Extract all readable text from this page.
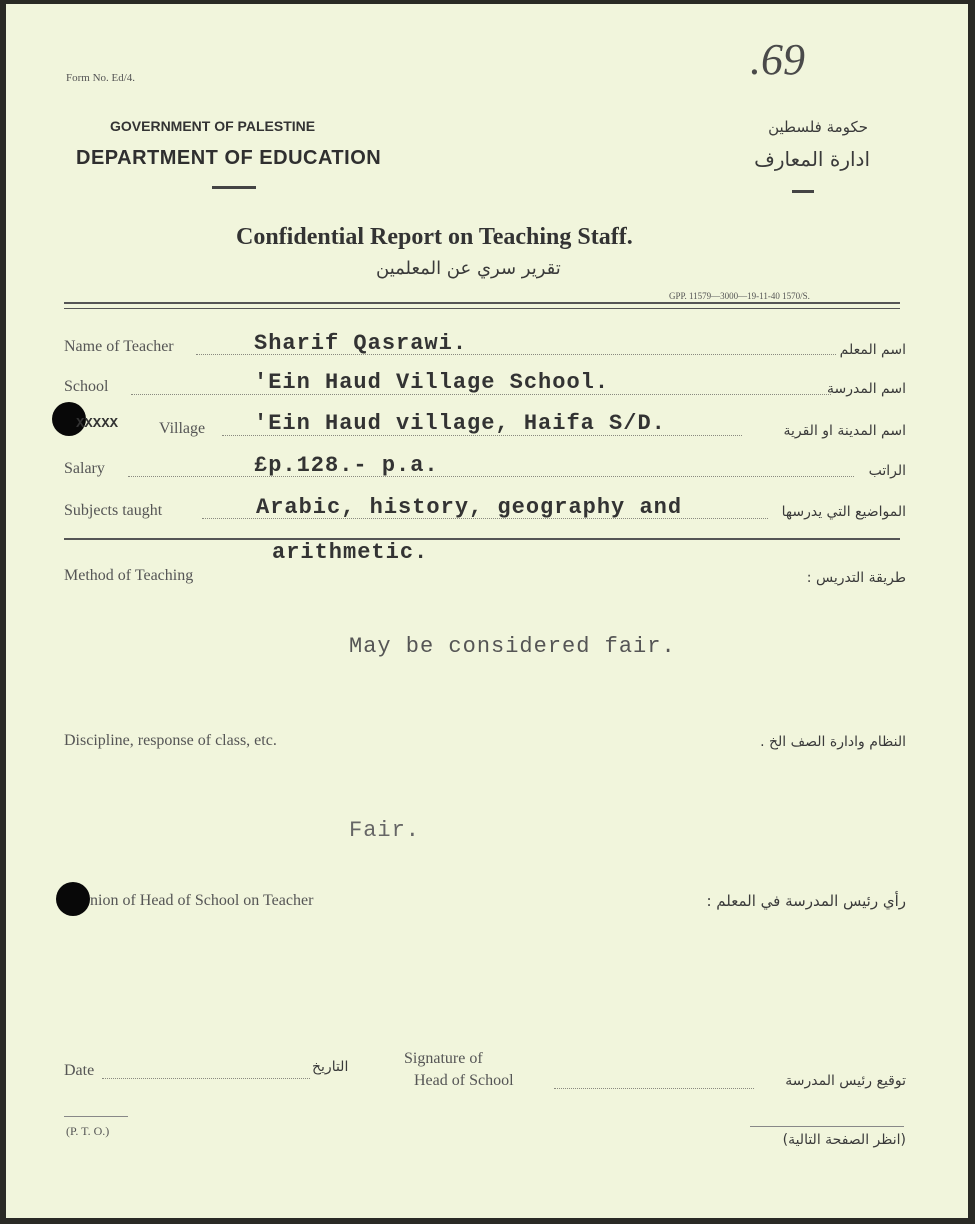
Form No. Ed/4.	.69
GOVERNMENT OF PALESTINE
DEPARTMENT OF EDUCATION
حكومة فلسطين
ادارة المعارف
Confidential Report on Teaching Staff.
تقرير سري عن المعلمين
GPP. 11579—3000—19-11-40 1570/S.
Name of Teacher	Sharif Qasrawi.	اسم المعلم
School	'Ein Haud Village School.	اسم المدرسة
XXXXX	Village 'Ein Haud village, Haifa S/D.	اسم المدينة او القرية
Salary	£p.128.- p.a.	الراتب
Subjects taught	Arabic, history, geography and	المواضيع التي يدرسها
arithmetic.
Method of Teaching	طريقة التدريس :
May be considered fair.
Discipline, response of class, etc.	النظام وادارة الصف الخ .
Fair.
nion of Head of School on Teacher	رأي رئيس المدرسة في المعلم :
Date	التاريخ	Signature of
Head of School	توقيع رئيس المدرسة
(P. T. O.)
(انظر الصفحة التالية)
